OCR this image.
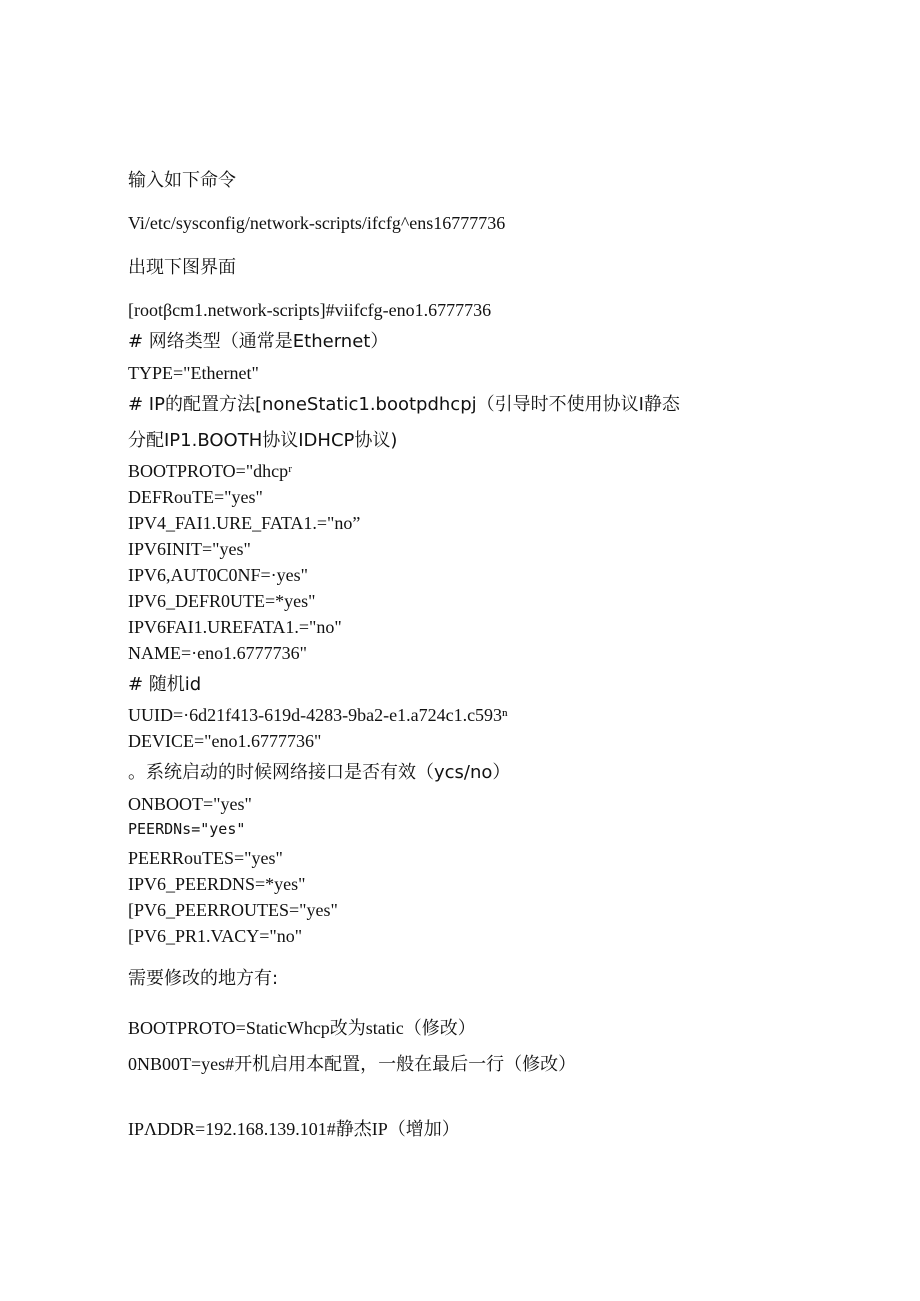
输入如下命令
Vi/etc/sysconfig/network-scripts/ifcfg^ens16777736
出现下图界面
[rootβcm1.network-scripts]#viifcfg-eno1.6777736
# 网络类型（通常是Ethernet）
TYPE="Ethernet"
# IP的配置方法[noneStatic1.bootpdhcpj（引导时不使用协议I静态
分配IP1.BOOTH协议IDHCP协议)
BOOTPROTO="dhcpʳ
DEFRouTE="yes"
IPV4_FAI1.URE_FATA1.="no”
IPV6INIT="yes"
IPV6,AUT0C0NF=·yes"
IPV6_DEFR0UTE=*yes"
IPV6FAI1.UREFATA1.="no"
NAME=·eno1.6777736"
# 随机id
UUID=·6d21f413-619d-4283-9ba2-e1.a724c1.c593ⁿ
DEVICE="eno1.6777736"
。系统启动的时候网络接口是否有效（ycs/no）
ONBOOT="yes"
PEERDNs="yes"
PEERRouTES="yes"
IPV6_PEERDNS=*yes"
[PV6_PEERROUTES="yes"
[PV6_PR1.VACY="no"
需要修改的地方有:
BOOTPROTO=StaticWhcp改为static（修改）
0NB00T=yes#开机启用本配置，一般在最后一行（修改）
IPΛDDR=192.168.139.101#静杰IP（增加）
